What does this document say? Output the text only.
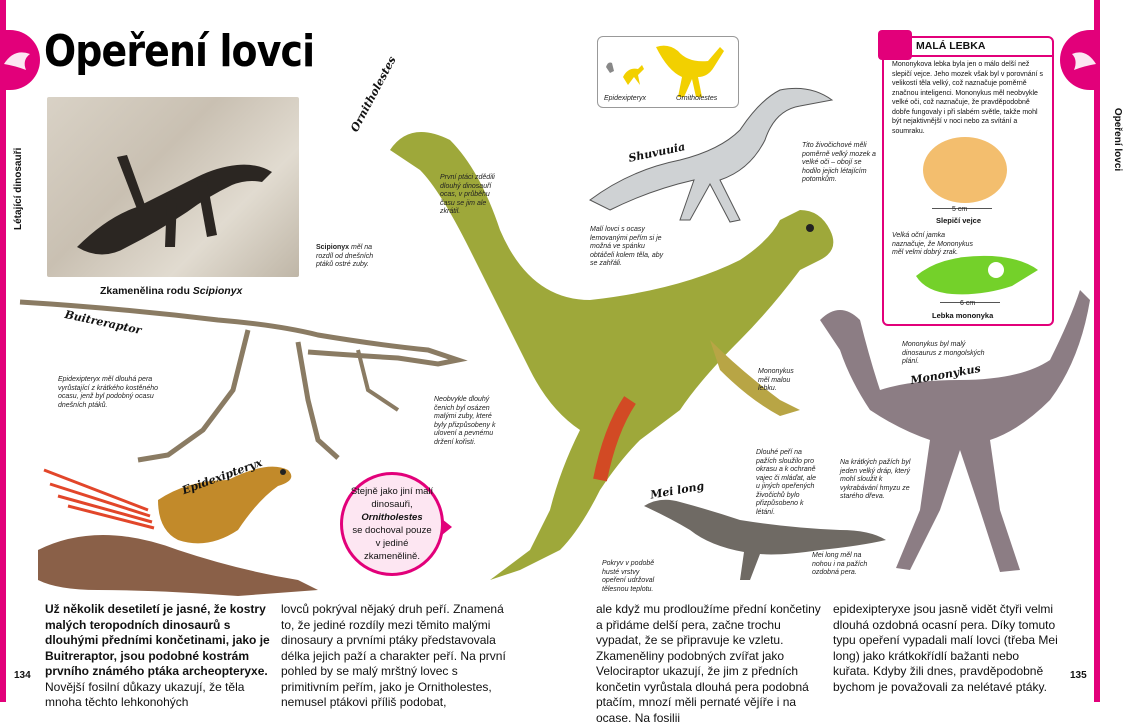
Létající dinosauři
Opeření lovci
Opeření lovci
Zkamenělina rodu Scipionyx
Scipionyx měl na rozdíl od dnešních ptáků ostré zuby.
Epidexipteryx	Ornitholestes
Buitreraptor
Ornitholestes
Shuvuuia
Mononykus
Mei long
Epidexipteryx
První ptáci zdědili dlouhý dinosauří ocas, v průběhu času se jim ale zkrátil.
Malí lovci s ocasy lemovanými peřím si je možná ve spánku obtáčeli kolem těla, aby se zahřáli.
Epidexipteryx měl dlouhá pera vyrůstající z krátkého kostěného ocasu, jenž byl podobný ocasu dnešních ptáků.
Neobvykle dlouhý čenich byl osázen malými zuby, které byly přizpůsobeny k ulovení a pevnému držení kořisti.
Tito živočichové měli poměrně velký mozek a velké oči – obojí se hodilo jejich létajícím potomkům.
Dlouhé peří na pažích sloužilo pro okrasu a k ochraně vajec či mláďat, ale u jiných opeřených živočichů bylo přizpůsobeno k létání.
Mononykus měl malou lebku.
Mononykus byl malý dinosaurus z mongolských plání.
Na krátkých pažích byl jeden velký dráp, který mohl sloužit k vykrabávání hmyzu ze starého dřeva.
Mei long měl na nohou i na pažích ozdobná pera.
Pokryv v podobě husté vrstvy opeření udržoval tělesnou teplotu.
Stejně jako jiní malí dinosauři,
Ornitholestes
se dochoval pouze v jediné zkamenělině.
MALÁ LEBKA
Mononykova lebka byla jen o málo delší než slepičí vejce. Jeho mozek však byl v porovnání s velikostí těla velký, což naznačuje poměrně značnou inteligenci. Mononykus měl neobvykle velké oči, což naznačuje, že pravděpodobně dobře fungovaly i při slabém světle, takže mohl být nejaktivnější v noci nebo za svítání a soumraku.
5 cm
Slepičí vejce
Velká oční jamka naznačuje, že Mononykus měl velmi dobrý zrak.
6 cm
Lebka mononyka
Už několik desetiletí je jasné, že kostry malých teropodních dinosaurů s dlouhými předními končetinami, jako je Buitreraptor, jsou podobné kostrám prvního známého ptáka archeopteryxe. Novější fosilní důkazy ukazují, že těla mnoha těchto lehkonohých
lovců pokrýval nějaký druh peří. Znamená to, že jediné rozdíly mezi těmito malými dinosaury a prvními ptáky představovala délka jejich paží a charakter peří. Na první pohled by se malý mrštný lovec s primitivním peřím, jako je Ornitholestes, nemusel ptákovi příliš podobat,
ale když mu prodloužíme přední končetiny a přidáme delší pera, začne trochu vypadat, že se připravuje ke vzletu. Zkameněliny podobných zvířat jako Velociraptor ukazují, že jim z předních končetin vyrůstala dlouhá pera podobná ptačím, mnozí měli pernaté vějíře i na ocase. Na fosilii
epidexipteryxe jsou jasně vidět čtyři velmi dlouhá ozdobná ocasní pera. Díky tomuto typu opeření vypadali malí lovci (třeba Mei long) jako krátkokřídlí bažanti nebo kuřata. Kdyby žili dnes, pravděpodobně bychom je považovali za nelétavé ptáky.
134	135
